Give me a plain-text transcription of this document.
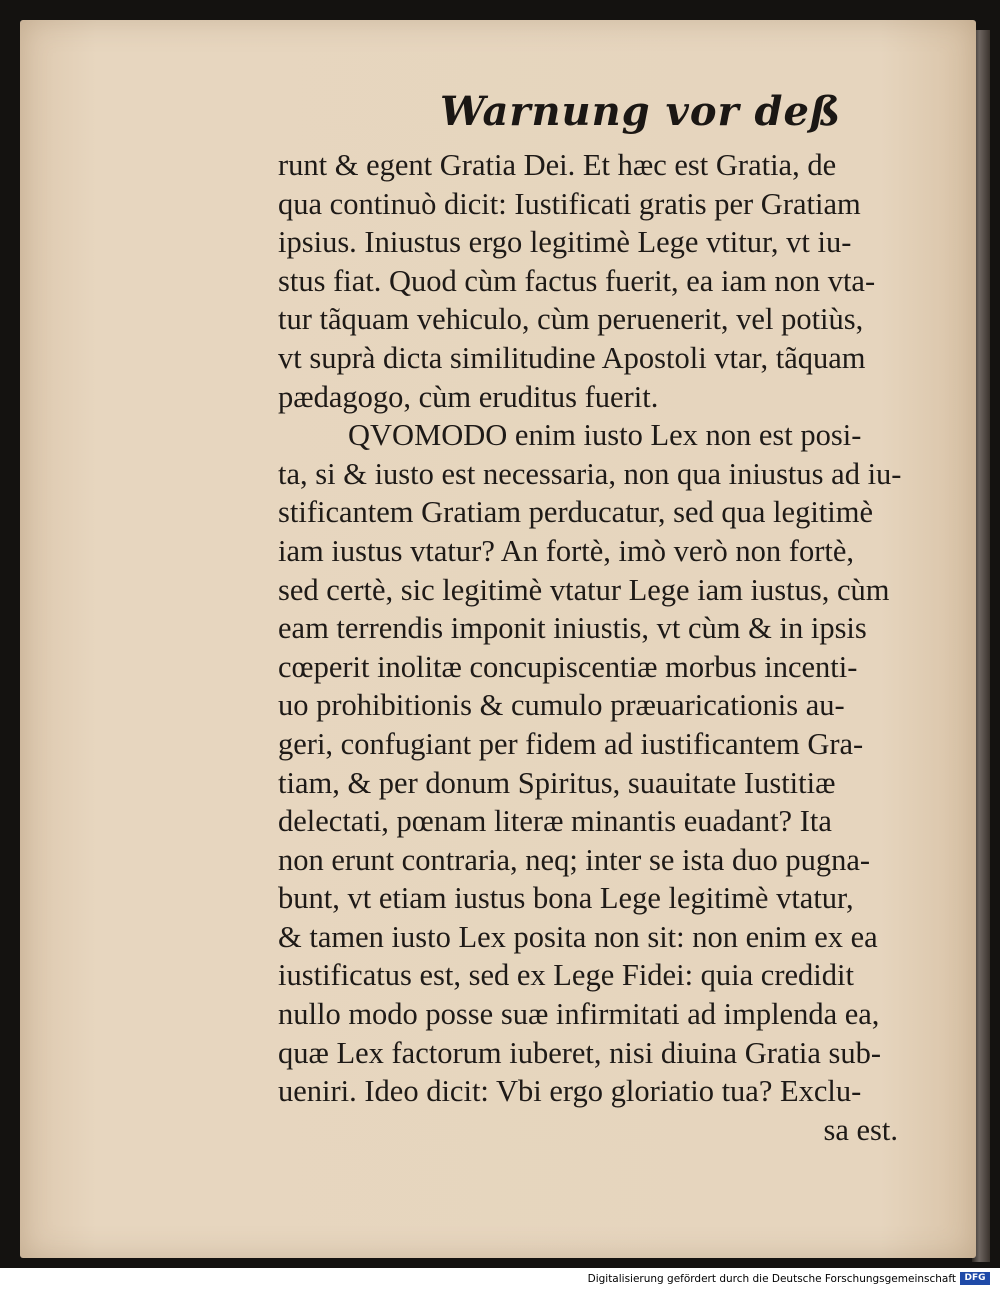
Warnung vor deß
runt & egent Gratia Dei. Et hæc est Gratia, de
qua continuò dicit: Iustificati gratis per Gratiam
ipsius. Iniustus ergo legitimè Lege vtitur, vt iu-
stus fiat. Quod cùm factus fuerit, ea iam non vta-
tur tãquam vehiculo, cùm peruenerit, vel potiùs,
vt suprà dicta similitudine Apostoli vtar, tãquam
pædagogo, cùm eruditus fuerit.
QVOMODO enim iusto Lex non est posi-
ta, si & iusto est necessaria, non qua iniustus ad iu-
stificantem Gratiam perducatur, sed qua legitimè
iam iustus vtatur? An fortè, imò verò non fortè,
sed certè, sic legitimè vtatur Lege iam iustus, cùm
eam terrendis imponit iniustis, vt cùm & in ipsis
cœperit inolitæ concupiscentiæ morbus incenti-
uo prohibitionis & cumulo præuaricationis au-
geri, confugiant per fidem ad iustificantem Gra-
tiam, & per donum Spiritus, suauitate Iustitiæ
delectati, pœnam literæ minantis euadant? Ita
non erunt contraria, neq; inter se ista duo pugna-
bunt, vt etiam iustus bona Lege legitimè vtatur,
& tamen iusto Lex posita non sit: non enim ex ea
iustificatus est, sed ex Lege Fidei: quia credidit
nullo modo posse suæ infirmitati ad implenda ea,
quæ Lex factorum iuberet, nisi diuina Gratia sub-
ueniri. Ideo dicit: Vbi ergo gloriatio tua? Exclu-
sa est.
Digitalisierung gefördert durch die Deutsche Forschungsgemeinschaft DFG
